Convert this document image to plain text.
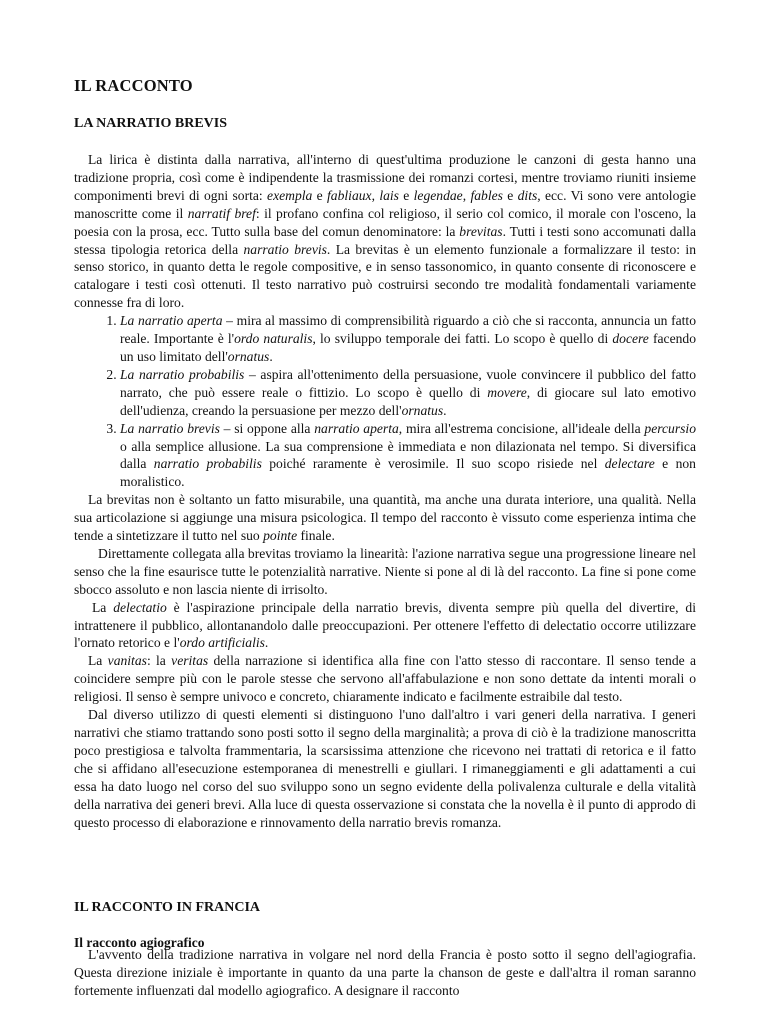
IL RACCONTO
LA NARRATIO BREVIS

La lirica è distinta dalla narrativa, all'interno di quest'ultima produzione le canzoni di gesta hanno una tradizione propria, così come è indipendente la trasmissione dei romanzi cortesi, mentre troviamo riuniti insieme componimenti brevi di ogni sorta: exempla e fabliaux, lais e legendae, fables e dits, ecc. Vi sono vere antologie manoscritte come il narratif bref: il profano confina col religioso, il serio col comico, il morale con l'osceno, la poesia con la prosa, ecc. Tutto sulla base del comun denominatore: la brevitas. Tutti i testi sono accomunati dalla stessa tipologia retorica della narratio brevis. La brevitas è un elemento funzionale a formalizzare il testo: in senso storico, in quanto detta le regole compositive, e in senso tassonomico, in quanto consente di riconoscere e catalogare i testi così ottenuti. Il testo narrativo può costruirsi secondo tre modalità fondamentali variamente connesse fra di loro.

1. La narratio aperta – mira al massimo di comprensibilità riguardo a ciò che si racconta, annuncia un fatto reale. Importante è l'ordo naturalis, lo sviluppo temporale dei fatti. Lo scopo è quello di docere facendo un uso limitato dell'ornatus.
2. La narratio probabilis – aspira all'ottenimento della persuasione, vuole convincere il pubblico del fatto narrato, che può essere reale o fittizio. Lo scopo è quello di movere, di giocare sul lato emotivo dell'udienza, creando la persuasione per mezzo dell'ornatus.
3. La narratio brevis – si oppone alla narratio aperta, mira all'estrema concisione, all'ideale della percursio o alla semplice allusione. La sua comprensione è immediata e non dilazionata nel tempo. Si diversifica dalla narratio probabilis poiché raramente è verosimile. Il suo scopo risiede nel delectare e non moralistico.

La brevitas non è soltanto un fatto misurabile, una quantità, ma anche una durata interiore, una qualità. Nella sua articolazione si aggiunge una misura psicologica. Il tempo del racconto è vissuto come esperienza intima che tende a sintetizzare il tutto nel suo pointe finale.

Direttamente collegata alla brevitas troviamo la linearità: l'azione narrativa segue una progressione lineare nel senso che la fine esaurisce tutte le potenzialità narrative. Niente si pone al di là del racconto. La fine si pone come sbocco assoluto e non lascia niente di irrisolto.

La delectatio è l'aspirazione principale della narratio brevis, diventa sempre più quella del divertire, di intrattenere il pubblico, allontanandolo dalle preoccupazioni. Per ottenere l'effetto di delectatio occorre utilizzare l'ornato retorico e l'ordo artificialis.

La vanitas: la veritas della narrazione si identifica alla fine con l'atto stesso di raccontare. Il senso tende a coincidere sempre più con le parole stesse che servono all'affabulazione e non sono dettate da intenti morali o religiosi. Il senso è sempre univoco e concreto, chiaramente indicato e facilmente estraibile dal testo.

Dal diverso utilizzo di questi elementi si distinguono l'uno dall'altro i vari generi della narrativa. I generi narrativi che stiamo trattando sono posti sotto il segno della marginalità; a prova di ciò è la tradizione manoscritta poco prestigiosa e talvolta frammentaria, la scarsissima attenzione che ricevono nei trattati di retorica e il fatto che si affidano all'esecuzione estemporanea di menestrelli e giullari. I rimaneggiamenti e gli adattamenti a cui essa ha dato luogo nel corso del suo sviluppo sono un segno evidente della polivalenza culturale e della vitalità della narrativa dei generi brevi. Alla luce di questa osservazione si constata che la novella è il punto di approdo di questo processo di elaborazione e rinnovamento della narratio brevis romanza.

IL RACCONTO IN FRANCIA
Il racconto agiografico

L'avvento della tradizione narrativa in volgare nel nord della Francia è posto sotto il segno dell'agiografia. Questa direzione iniziale è importante in quanto da una parte la chanson de geste e dall'altra il roman saranno fortemente influenzati dal modello agiografico. A designare il racconto
